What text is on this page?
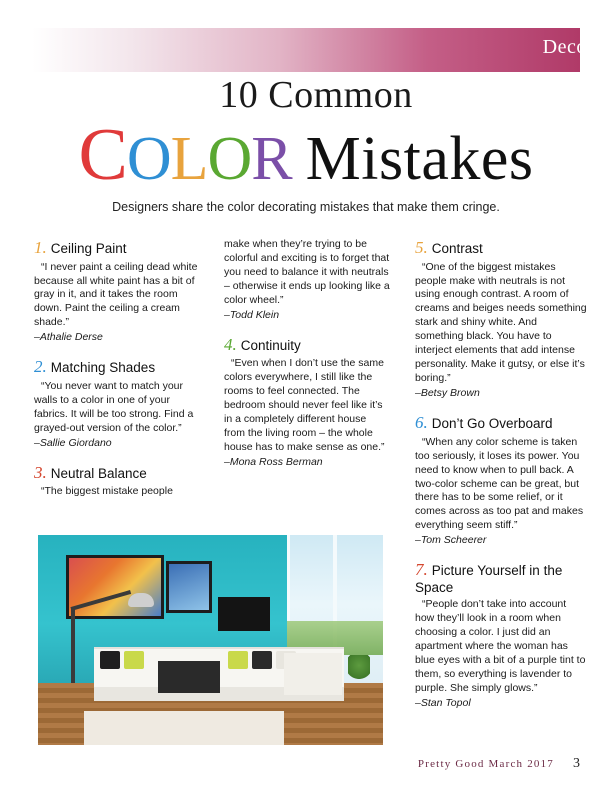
Decor
10 Common
COLOR Mistakes
Designers share the color decorating mistakes that make them cringe.
1. Ceiling Paint
“I never paint a ceiling dead white because all white paint has a bit of gray in it, and it takes the room down. Paint the ceiling a cream shade.”
–Athalie Derse
2. Matching Shades
“You never want to match your walls to a color in one of your fabrics. It will be too strong. Find a grayed-out version of the color.”
–Sallie Giordano
3. Neutral Balance
“The biggest mistake people
make when they’re trying to be colorful and exciting is to forget that you need to balance it with neutrals – otherwise it ends up looking like a color wheel.”
–Todd Klein
4. Continuity
“Even when I don’t use the same colors everywhere, I still like the rooms to feel connected. The bedroom should never feel like it’s in a completely different house from the living room – the whole house has to make sense as one.”
–Mona Ross Berman
5. Contrast
“One of the biggest mistakes people make with neutrals is not using enough contrast. A room of creams and beiges needs something stark and shiny white. And something black. You have to interject elements that add intense personality. Make it gutsy, or else it’s boring.”
–Betsy Brown
6. Don’t Go Overboard
“When any color scheme is taken too seriously, it loses its power. You need to know when to pull back. A two-color scheme can be great, but there has to be some relief, or it comes across as too pat and makes everything seem stiff.”
–Tom Scheerer
7. Picture Yourself in the Space
“People don’t take into account how they’ll look in a room when choosing a color. I just did an apartment where the woman has blue eyes with a bit of a purple tint to them, so everything is lavender to purple. She simply glows.”
–Stan Topol
Pretty Good March 2017 3
